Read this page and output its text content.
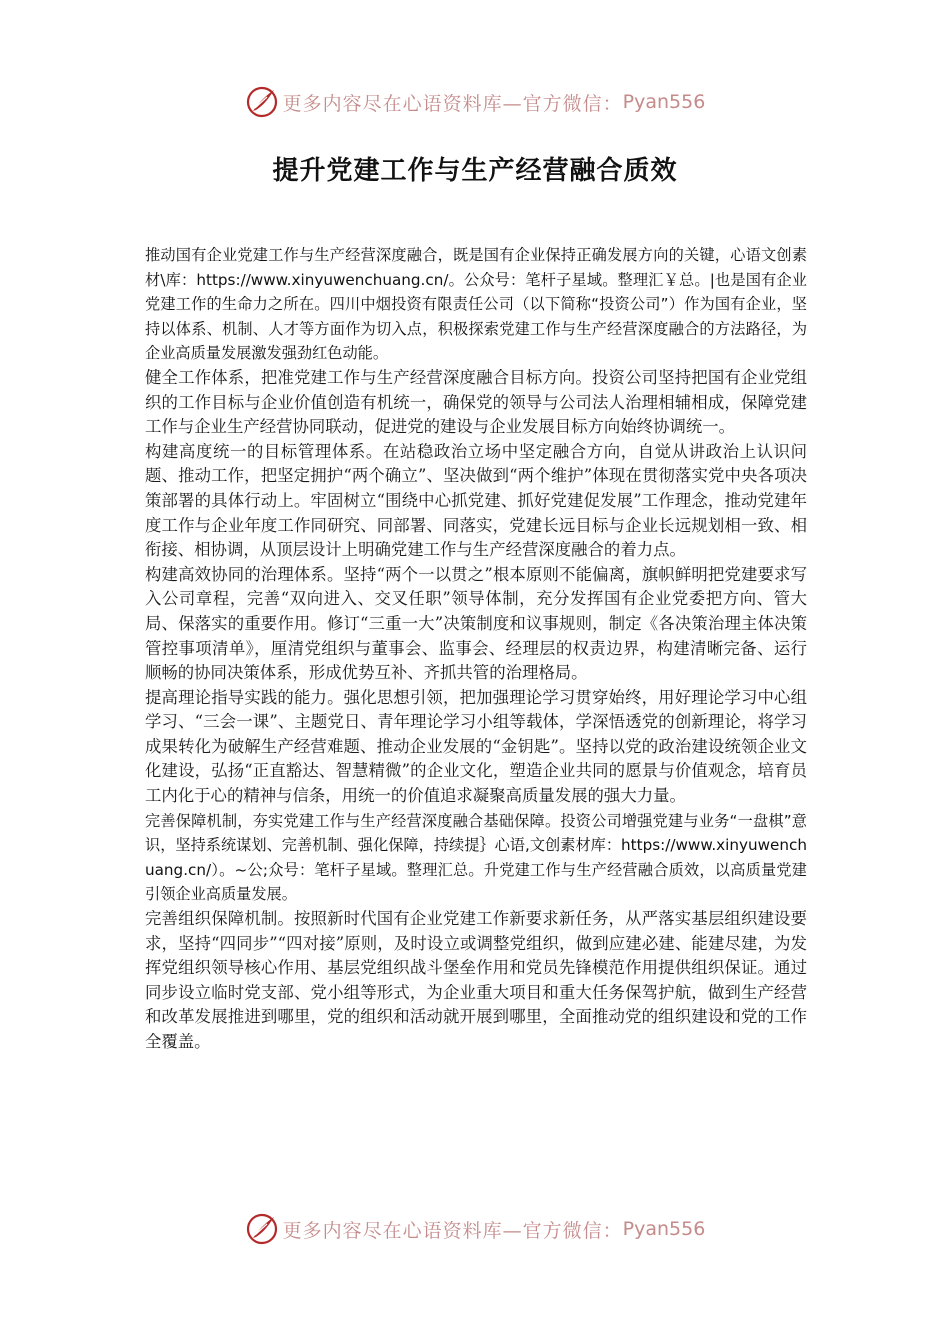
更多内容尽在心语资料库—官方微信： Pyan556
提升党建工作与生产经营融合质效

推动国有企业党建工作与生产经营深度融合，既是国有企业保持正确发展方向的关键，心语文创素材\库：https://www.xinyuwenchuang.cn/。公众号：笔杆子星域。整理汇￥总。|也是国有企业党建工作的生命力之所在。四川中烟投资有限责任公司（以下简称“投资公司”）作为国有企业，坚持以体系、机制、人才等方面作为切入点，积极探索党建工作与生产经营深度融合的方法路径，为企业高质量发展激发强劲红色动能。

健全工作体系，把准党建工作与生产经营深度融合目标方向。投资公司坚持把国有企业党组织的工作目标与企业价值创造有机统一，确保党的领导与公司法人治理相辅相成，保障党建工作与企业生产经营协同联动，促进党的建设与企业发展目标方向始终协调统一。

构建高度统一的目标管理体系。在站稳政治立场中坚定融合方向，自觉从讲政治上认识问题、推动工作，把坚定拥护“两个确立”、坚决做到“两个维护”体现在贯彻落实党中央各项决策部署的具体行动上。牢固树立“围绕中心抓党建、抓好党建促发展”工作理念，推动党建年度工作与企业年度工作同研究、同部署、同落实，党建长远目标与企业长远规划相一致、相衔接、相协调，从顶层设计上明确党建工作与生产经营深度融合的着力点。

构建高效协同的治理体系。坚持“两个一以贯之”根本原则不能偏离，旗帜鲜明把党建要求写入公司章程，完善“双向进入、交叉任职”领导体制，充分发挥国有企业党委把方向、管大局、保落实的重要作用。修订“三重一大”决策制度和议事规则，制定《各决策治理主体决策管控事项清单》，厘清党组织与董事会、监事会、经理层的权责边界，构建清晰完备、运行顺畅的协同决策体系，形成优势互补、齐抓共管的治理格局。

提高理论指导实践的能力。强化思想引领，把加强理论学习贯穿始终，用好理论学习中心组学习、“三会一课”、主题党日、青年理论学习小组等载体，学深悟透党的创新理论，将学习成果转化为破解生产经营难题、推动企业发展的“金钥匙”。坚持以党的政治建设统领企业文化建设，弘扬“正直豁达、智慧精微”的企业文化，塑造企业共同的愿景与价值观念，培育员工内化于心的精神与信条，用统一的价值追求凝聚高质量发展的强大力量。

完善保障机制，夯实党建工作与生产经营深度融合基础保障。投资公司增强党建与业务“一盘棋”意识，坚持系统谋划、完善机制、强化保障，持续提｝心语,文创素材库：https://www.xinyuwenchuang.cn/）。~公;众号：笔杆子星域。整理汇总。升党建工作与生产经营融合质效，以高质量党建引领企业高质量发展。

完善组织保障机制。按照新时代国有企业党建工作新要求新任务，从严落实基层组织建设要求，坚持“四同步”“四对接”原则，及时设立或调整党组织，做到应建必建、能建尽建，为发挥党组织领导核心作用、基层党组织战斗堡垒作用和党员先锋模范作用提供组织保证。通过同步设立临时党支部、党小组等形式，为企业重大项目和重大任务保驾护航，做到生产经营和改革发展推进到哪里，党的组织和活动就开展到哪里，全面推动党的组织建设和党的工作全覆盖。

更多内容尽在心语资料库—官方微信： Pyan556
